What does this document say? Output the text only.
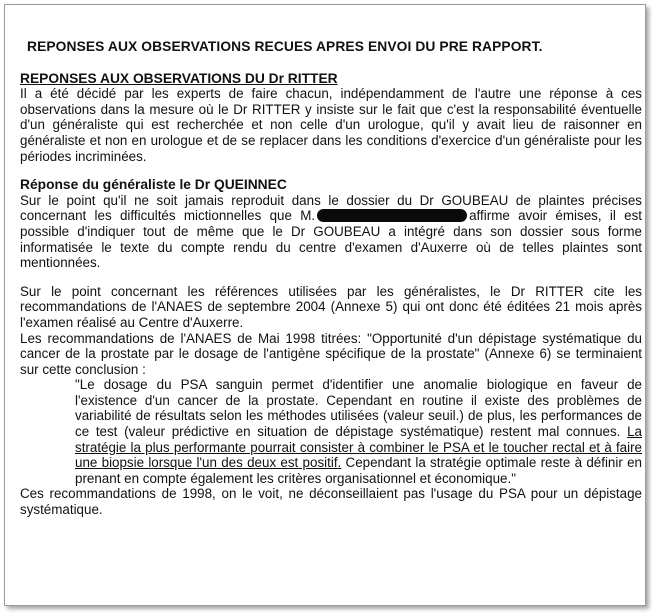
REPONSES AUX OBSERVATIONS RECUES APRES ENVOI DU PRE RAPPORT.
REPONSES AUX OBSERVATIONS DU Dr RITTER

Il a été décidé par les experts de faire chacun, indépendamment de l'autre une réponse à ces observations dans la mesure où le Dr RITTER y insiste sur le fait que c'est la responsabilité éventuelle d'un généraliste qui est recherchée et non celle d'un urologue, qu'il y avait lieu de raisonner en généraliste et non en urologue et de se replacer dans les conditions d'exercice d'un généraliste pour les périodes incriminées.

Réponse du généraliste le Dr QUEINNEC

Sur le point qu'il ne soit jamais reproduit dans le dossier du Dr GOUBEAU de plaintes précises concernant les difficultés mictionnelles que M.	affirme avoir émises, il est possible d'indiquer tout de même que le Dr GOUBEAU a intégré dans son dossier sous forme informatisée le texte du compte rendu du centre d'examen d'Auxerre où de telles plaintes sont mentionnées.

Sur le point concernant les références utilisées par les généralistes, le Dr RITTER cite les recommandations de l'ANAES de septembre 2004 (Annexe 5) qui ont donc été éditées 21 mois après l'examen réalisé au Centre d'Auxerre.

Les recommandations de l'ANAES de Mai 1998 titrées: "Opportunité d'un dépistage systématique du cancer de la prostate par le dosage de l'antigène spécifique de la prostate" (Annexe 6) se terminaient sur cette conclusion :

"Le dosage du PSA sanguin permet d'identifier une anomalie biologique en faveur de l'existence d'un cancer de la prostate. Cependant en routine il existe des problèmes de variabilité de résultats selon les méthodes utilisées (valeur seuil.) de plus, les performances de ce test (valeur prédictive en situation de dépistage systématique) restent mal connues. La stratégie la plus performante pourrait consister à combiner le PSA et le toucher rectal et à faire une biopsie lorsque l'un des deux est positif. Cependant la stratégie optimale reste à définir en prenant en compte également les critères organisationnel et économique."

Ces recommandations de 1998, on le voit, ne déconseillaient pas l'usage du PSA pour un dépistage systématique.
